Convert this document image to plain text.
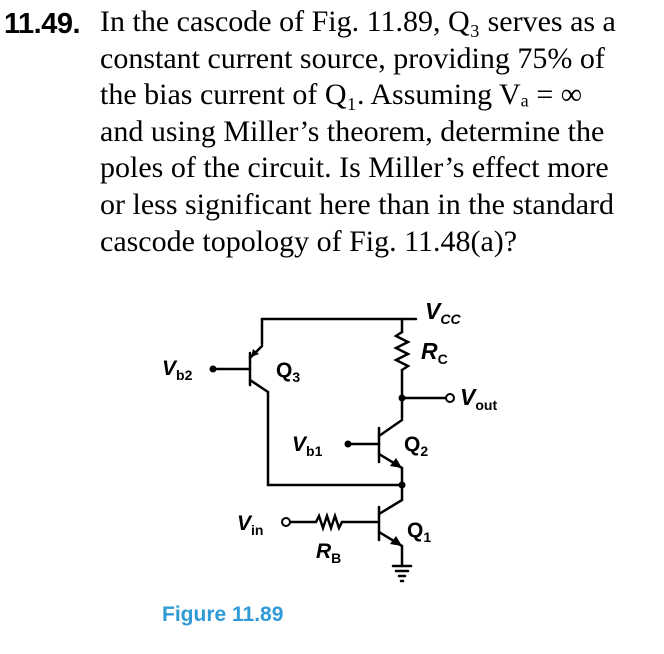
11.49. In the cascode of Fig. 11.89, Q₃ serves as a
constant current source, providing 75% of
the bias current of Q₁. Assuming Vₐ = ∞
and using Miller’s theorem, determine the
poles of the circuit. Is Miller’s effect more
or less significant here than in the standard
cascode topology of Fig. 11.48(a)?

$V_{CC}$
$R_C$
$V_{out}$
$V_{b2}$	$Q_3$
$V_{b1}$	$Q_2$
$V_{in}$
$R_B$
$Q_1$
Figure 11.89
